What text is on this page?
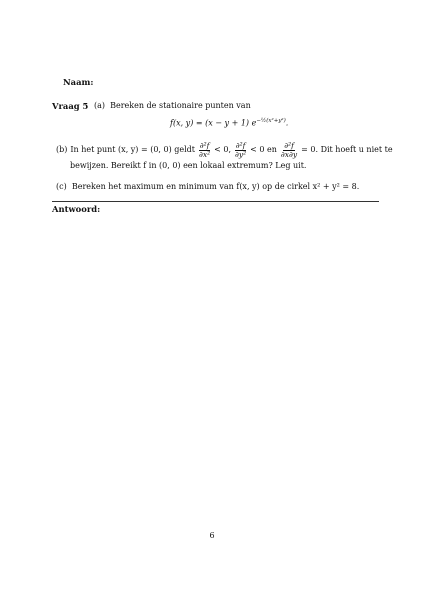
Naam:
Vraag 5 (a) Bereken de stationaire punten van
f(x, y) = (x − y + 1) $e^{-\frac{1}{2}(x^2+y^2)}$.
(b) In het punt (x, y) = (0, 0) geldt $\frac{\text{∂²f}}{\text{∂x²}} < 0$, $\frac{\text{∂²f}}{\text{∂y²}} < 0$ en $\frac{\text{∂²f}}{\partial x\partial y} = 0$. Dit hoeft u niet te
bewijzen. Bereikt f in (0, 0) een lokaal extremum? Leg uit.
(c) Bereken het maximum en minimum van f(x, y) op de cirkel x² + y² = 8.
Antwoord:
6
